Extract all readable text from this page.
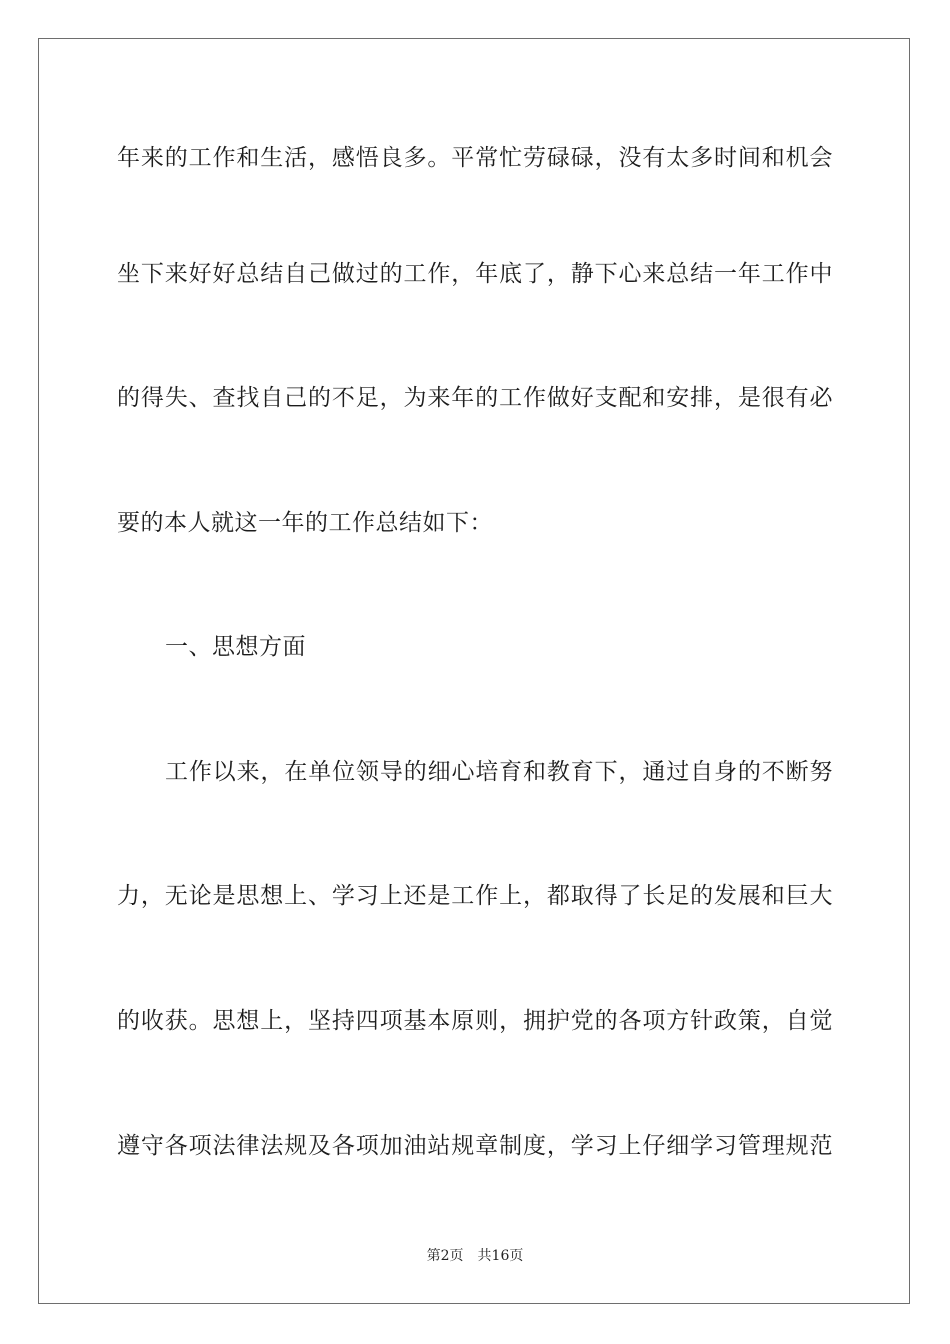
年来的工作和生活，感悟良多。平常忙劳碌碌，没有太多时间和机会
坐下来好好总结自己做过的工作，年底了，静下心来总结一年工作中
的得失、查找自己的不足，为来年的工作做好支配和安排，是很有必
要的本人就这一年的工作总结如下：
一、思想方面
工作以来，在单位领导的细心培育和教育下，通过自身的不断努
力，无论是思想上、学习上还是工作上，都取得了长足的发展和巨大
的收获。思想上，坚持四项基本原则，拥护党的各项方针政策，自觉
遵守各项法律法规及各项加油站规章制度，学习上仔细学习管理规范
第2页 共16页
